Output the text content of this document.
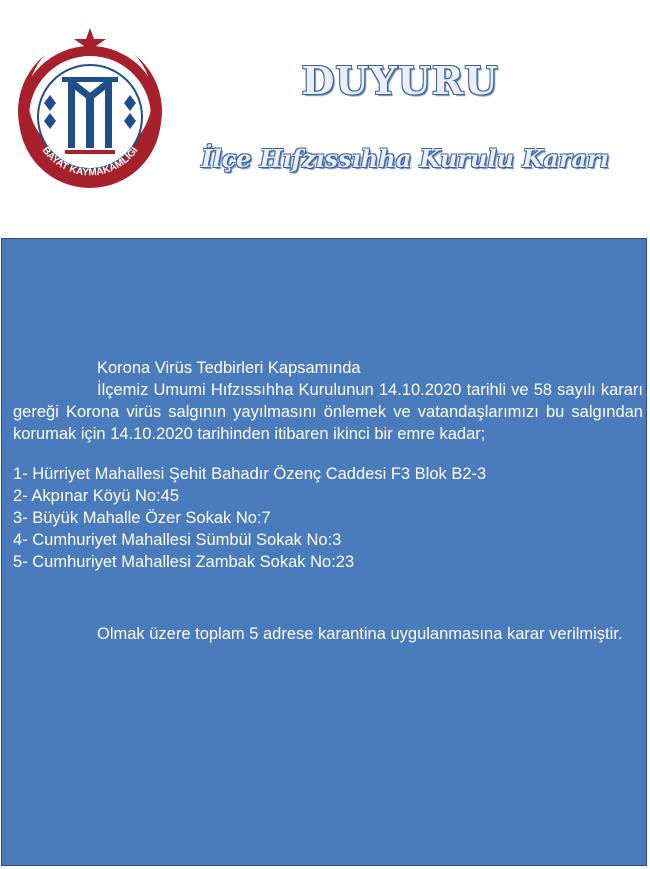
BAYAT KAYMAKAMLIĞI
DUYURU
İlçe Hıfzıssıhha Kurulu Kararı

Korona Virüs Tedbirleri Kapsamında

İlçemiz Umumi Hıfzıssıhha Kurulunun 14.10.2020 tarihli ve 58 sayılı kararı gereği Korona virüs salgının yayılmasını önlemek ve vatandaşlarımızı bu salgından korumak için 14.10.2020 tarihinden itibaren ikinci bir emre kadar;

1- Hürriyet Mahallesi Şehit Bahadır Özenç Caddesi F3 Blok B2-3
2- Akpınar Köyü No:45
3- Büyük Mahalle Özer Sokak No:7
4- Cumhuriyet Mahallesi Sümbül Sokak No:3
5- Cumhuriyet Mahallesi Zambak Sokak No:23

Olmak üzere toplam 5 adrese karantina uygulanmasına karar verilmiştir.
